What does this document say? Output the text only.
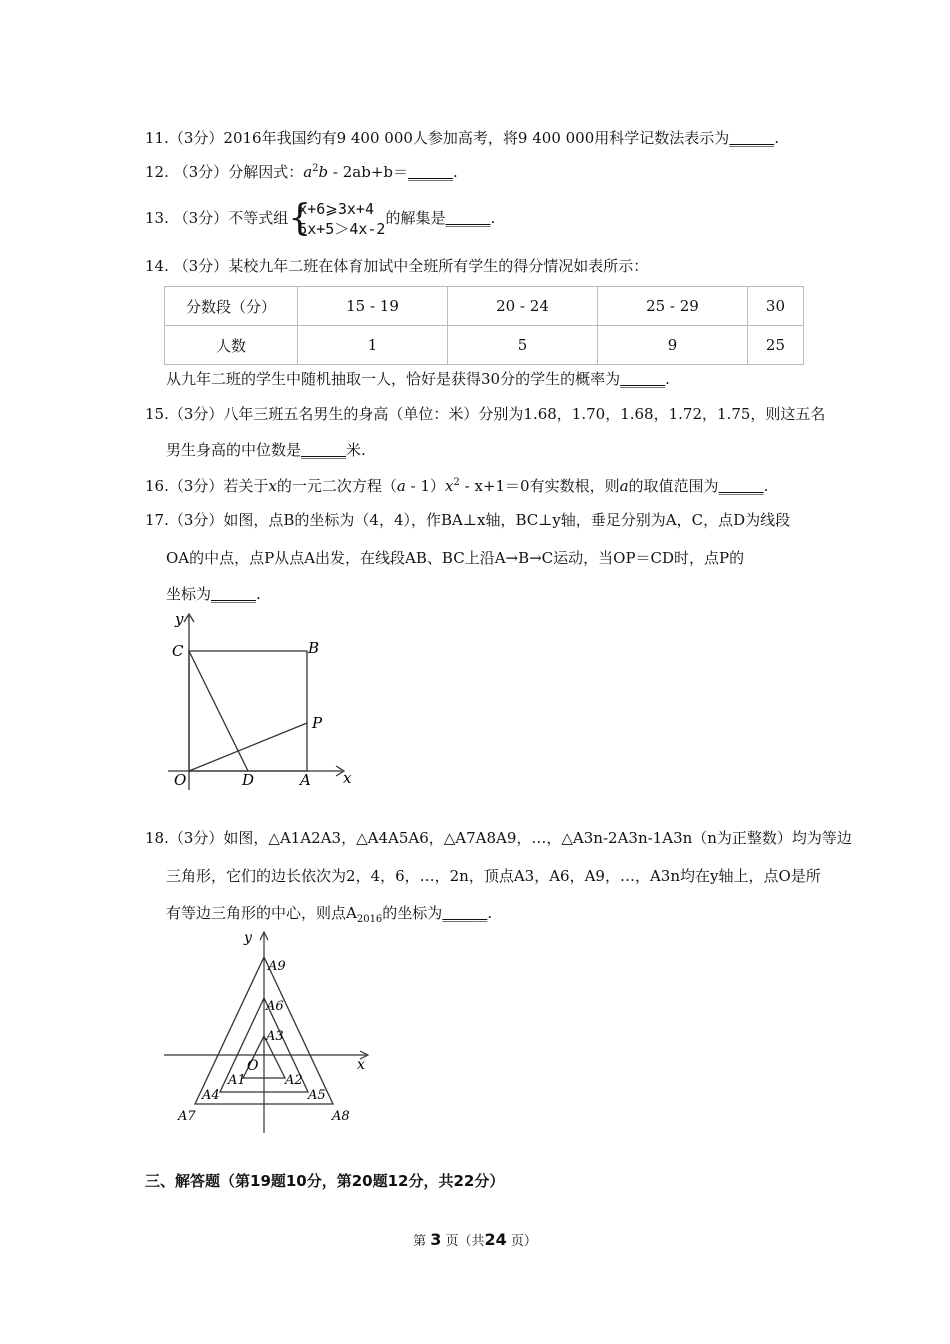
11.（3分）2016年我国约有9 400 000人参加高考，将9 400 000用科学记数法表示为______.
12. （3分）分解因式：$a^2b$ - 2ab+b＝______.
13. （3分）不等式组 {
x+6⩾3x+4
5x+5＞4x-2
的解集是______.
14. （3分）某校九年二班在体育加试中全班所有学生的得分情况如表所示：
分数段（分）	15 - 19	20 - 24	25 - 29	30
人数	1	5	9	25
从九年二班的学生中随机抽取一人，恰好是获得30分的学生的概率为______.
15.（3分）八年三班五名男生的身高（单位：米）分别为1.68，1.70，1.68，1.72，1.75，则这五名
男生身高的中位数是______米.
16.（3分）若关于x的一元二次方程$(a - 1)x^2 - x+1=0$有实数根，则a的取值范围为______.
17.（3分）如图，点B的坐标为（4，4），作BA⊥x轴，BC⊥y轴，垂足分别为A，C，点D为线段
OA的中点，点P从点A出发，在线段AB、BC上沿A→B→C运动，当OP＝CD时，点P的
坐标为______.
y
C	B
P
O	D	A x
18.（3分）如图，△A1A2A3，△A4A5A6，△A7A8A9，…，△A3n-2A3n-1A3n（n为正整数）均为等边
三角形，它们的边长依次为2，4，6，…，2n，顶点A3，A6，A9，…，A3n均在y轴上，点O是所
有等边三角形的中心，则点$A_{2016}$的坐标为______.
y
A9
A6
A3
O	x
A1	A2
A4	A5
A7	A8
三、解答题（第19题10分，第20题12分，共22分）
第 3 页（共24 页）
